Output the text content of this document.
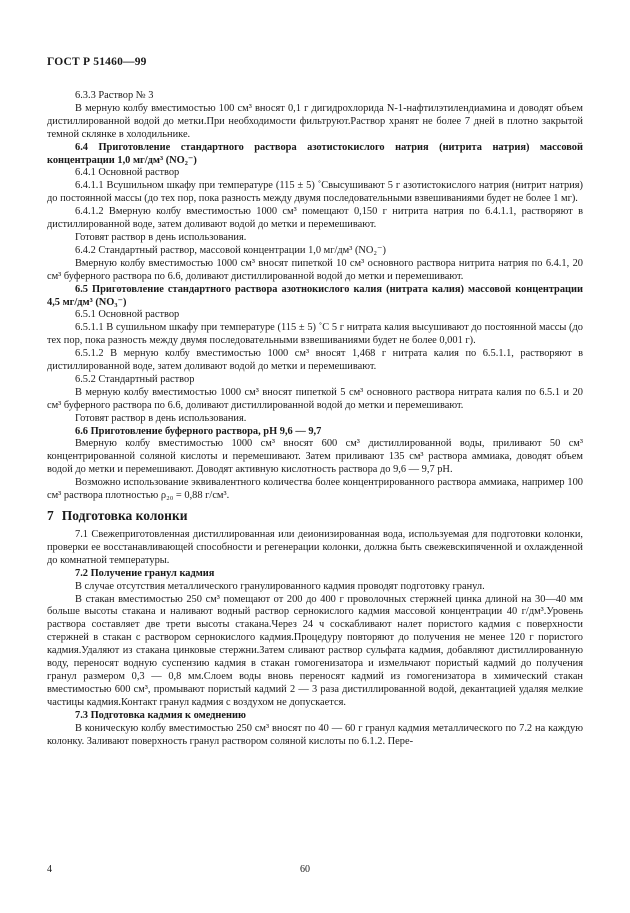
ГОСТ Р 51460—99

6.3.3 Раствор № 3

В мерную колбу вместимостью 100 см³ вносят 0,1 г дигидрохлорида N-1-нафтилэтилендиамина и доводят объем дистиллированной водой до метки.При необходимости фильтруют.Раствор хранят не более 7 дней в плотно закрытой темной склянке в холодильнике.

6.4 Приготовление стандартного раствора азотистокислого натрия (нитрита натрия) массовой концентрации 1,0 мг/дм³ (NO₂⁻)

6.4.1 Основной раствор

6.4.1.1 Всушильном шкафу при температуре (115 ± 5) ˚Свысушивают 5 г азотистокислого натрия (нитрит натрия) до постоянной массы (до тех пор, пока разность между двумя последовательными взвешиваниями будет не более 1 мг).

6.4.1.2 Вмерную колбу вместимостью 1000 см³ помещают 0,150 г нитрита натрия по 6.4.1.1, растворяют в дистиллированной воде, затем доливают водой до метки и перемешивают.

Готовят раствор в день использования.

6.4.2 Стандартный раствор, массовой концентрации 1,0 мг/дм³ (NO₂⁻)

Вмерную колбу вместимостью 1000 см³ вносят пипеткой 10 см³ основного раствора нитрита натрия по 6.4.1, 20 см³ буферного раствора по 6.6, доливают дистиллированной водой до метки и перемешивают.

6.5 Приготовление стандартного раствора азотнокислого калия (нитрата калия) массовой концентрации 4,5 мг/дм³ (NO₃⁻)

6.5.1 Основной раствор

6.5.1.1 В сушильном шкафу при температуре (115 ± 5) ˚С 5 г нитрата калия высушивают до постоянной массы (до тех пор, пока разность между двумя последовательными взвешиваниями будет не более 0,001 г).

6.5.1.2 В мерную колбу вместимостью 1000 см³ вносят 1,468 г нитрата калия по 6.5.1.1, растворяют в дистиллированной воде, затем доливают водой до метки и перемешивают.

6.5.2 Стандартный раствор

В мерную колбу вместимостью 1000 см³ вносят пипеткой 5 см³ основного раствора нитрата калия по 6.5.1 и 20 см³ буферного раствора по 6.6, доливают дистиллированной водой до метки и перемешивают.

Готовят раствор в день использования.

6.6 Приготовление буферного раствора, рН 9,6 — 9,7

Вмерную колбу вместимостью 1000 см³ вносят 600 см³ дистиллированной воды, приливают 50 см³ концентрированной соляной кислоты и перемешивают. Затем приливают 135 см³ раствора аммиака, доводят объем водой до метки и перемешивают. Доводят активную кислотность раствора до 9,6 — 9,7 рН.

Возможно использование эквивалентного количества более концентрированного раствора аммиака, например 100 см³ раствора плотностью ρ₂₀ = 0,88 г/см³.

7 Подготовка колонки

7.1 Свежеприготовленная дистиллированная или деионизированная вода, используемая для подготовки колонки, проверки ее восстанавливающей способности и регенерации колонки, должна быть свежевскипяченной и охлажденной до комнатной температуры.

7.2 Получение гранул кадмия

В случае отсутствия металлического гранулированного кадмия проводят подготовку гранул.

В стакан вместимостью 250 см³ помещают от 200 до 400 г проволочных стержней цинка длиной на 30—40 мм больше высоты стакана и наливают водный раствор сернокислого кадмия массовой концентрации 40 г/дм³.Уровень раствора составляет две трети высоты стакана.Через 24 ч соскабливают налет пористого кадмия с поверхности стержней в стакан с раствором сернокислого кадмия.Процедуру повторяют до получения не менее 120 г пористого кадмия.Удаляют из стакана цинковые стержни.Затем сливают раствор сульфата кадмия, добавляют дистиллированную воду, переносят водную суспензию кадмия в стакан гомогенизатора и измельчают пористый кадмий до получения гранул размером 0,3 — 0,8 мм.Слоем воды вновь переносят кадмий из гомогенизатора в химический стакан вместимостью 600 см³, промывают пористый кадмий 2 — 3 раза дистиллированной водой, декантацией удаляя мелкие частицы кадмия.Контакт гранул кадмия с воздухом не допускается.

7.3 Подготовка кадмия к омеднению

В коническую колбу вместимостью 250 см³ вносят по 40 — 60 г гранул кадмия металлического по 7.2 на каждую колонку. Заливают поверхность гранул раствором соляной кислоты по 6.1.2. Пере-

4	60
